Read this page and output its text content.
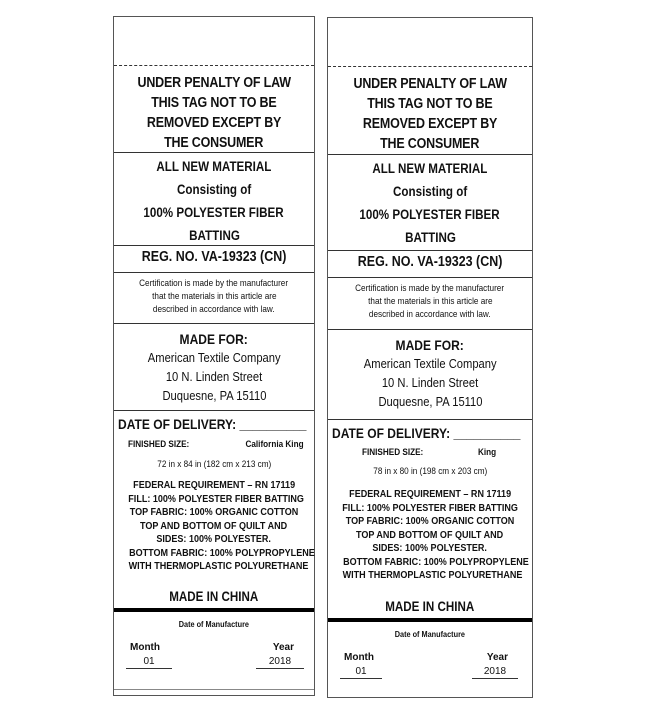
UNDER PENALTY OF LAW
THIS TAG NOT TO BE
REMOVED EXCEPT BY
THE CONSUMER
ALL NEW MATERIAL
Consisting of
100% POLYESTER FIBER
BATTING
REG. NO. VA-19323 (CN)
Certification is made by the manufacturer
that the materials in this article are
described in accordance with law.
MADE FOR:
American Textile Company
10 N. Linden Street
Duquesne, PA 15110
DATE OF DELIVERY: __________
FINISHED SIZE:	California King
72 in x 84 in (182 cm x 213 cm)
FEDERAL REQUIREMENT – RN 17119
FILL: 100% POLYESTER FIBER BATTING
TOP FABRIC: 100% ORGANIC COTTON
TOP AND BOTTOM OF QUILT AND
SIDES: 100% POLYESTER.
BOTTOM FABRIC: 100% POLYPROPYLENE
WITH THERMOPLASTIC POLYURETHANE
MADE IN CHINA
Date of Manufacture
Month	Year
01	2018
UNDER PENALTY OF LAW
THIS TAG NOT TO BE
REMOVED EXCEPT BY
THE CONSUMER
ALL NEW MATERIAL
Consisting of
100% POLYESTER FIBER
BATTING
REG. NO. VA-19323 (CN)
Certification is made by the manufacturer
that the materials in this article are
described in accordance with law.
MADE FOR:
American Textile Company
10 N. Linden Street
Duquesne, PA 15110
DATE OF DELIVERY: __________
FINISHED SIZE:	King
78 in x 80 in (198 cm x 203 cm)
FEDERAL REQUIREMENT – RN 17119
FILL: 100% POLYESTER FIBER BATTING
TOP FABRIC: 100% ORGANIC COTTON
TOP AND BOTTOM OF QUILT AND
SIDES: 100% POLYESTER.
BOTTOM FABRIC: 100% POLYPROPYLENE
WITH THERMOPLASTIC POLYURETHANE
MADE IN CHINA
Date of Manufacture
Month	Year
01	2018
